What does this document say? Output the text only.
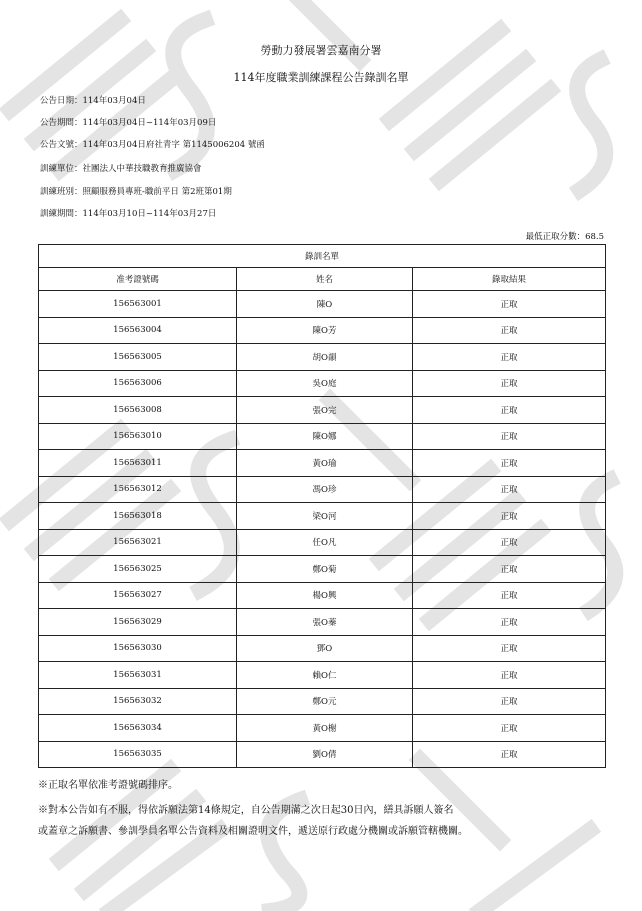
勞動力發展署雲嘉南分署
114年度職業訓練課程公告錄訓名單
公告日期：114年03月04日
公告期間：114年03月04日~114年03月09日
公告文號：114年03月04日府社青字 第1145006204 號函
訓練單位：社團法人中華技職教育推廣協會
訓練班別：照顧服務員專班-職前平日 第2班第01期
訓練期間：114年03月10日~114年03月27日
最低正取分數：68.5
錄訓名單		
准考證號碼	姓名	錄取結果
156563001	陳O	正取
156563004	陳O芳	正取
156563005	胡O韻	正取
156563006	吳O庭	正取
156563008	張O完	正取
156563010	陳O娜	正取
156563011	黃O瑜	正取
156563012	馮O珍	正取
156563018	梁O河	正取
156563021	任O凡	正取
156563025	鄭O菊	正取
156563027	楊O興	正取
156563029	張O蓁	正取
156563030	鄧O	正取
156563031	賴O仁	正取
156563032	鄭O元	正取
156563034	黃O榭	正取
156563035	劉O倩	正取
※正取名單依准考證號碼排序。
※對本公告如有不服，得依訴願法第14條規定，自公告期滿之次日起30日內，繕具訴願人簽名
或蓋章之訴願書、參訓學員名單公告資料及相關證明文件，遞送原行政處分機關或訴願管轄機關。
